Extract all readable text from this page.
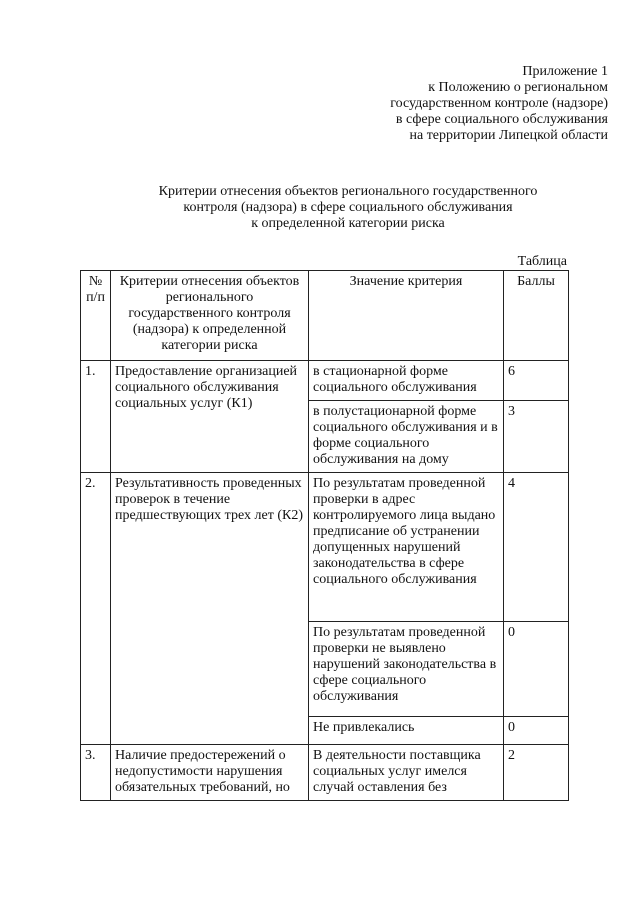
Приложение 1
к Положению о региональном
государственном контроле (надзоре)
в сфере социального обслуживания
на территории Липецкой области
Критерии отнесения объектов регионального государственного
контроля (надзора) в сфере социального обслуживания
к определенной категории риска
Таблица
№ п/п	Критерии отнесения объектов регионального государственного контроля (надзора) к определенной категории риска	Значение критерия	Баллы
1.	Предоставление организацией социального обслуживания социальных услуг (К1)	в стационарной форме социального обслуживания	6
		в полустационарной форме социального обслуживания и в форме социального обслуживания на дому	3
2.	Результативность проведенных проверок в течение предшествующих трех лет (К2)	По результатам проведенной проверки в адрес контролируемого лица выдано предписание об устранении допущенных нарушений законодательства в сфере социального обслуживания	4
		По результатам проведенной проверки не выявлено нарушений законодательства в сфере социального обслуживания	0
		Не привлекались	0
3.	Наличие предостережений о недопустимости нарушения обязательных требований, но	В деятельности поставщика социальных услуг имелся случай оставления без	2
